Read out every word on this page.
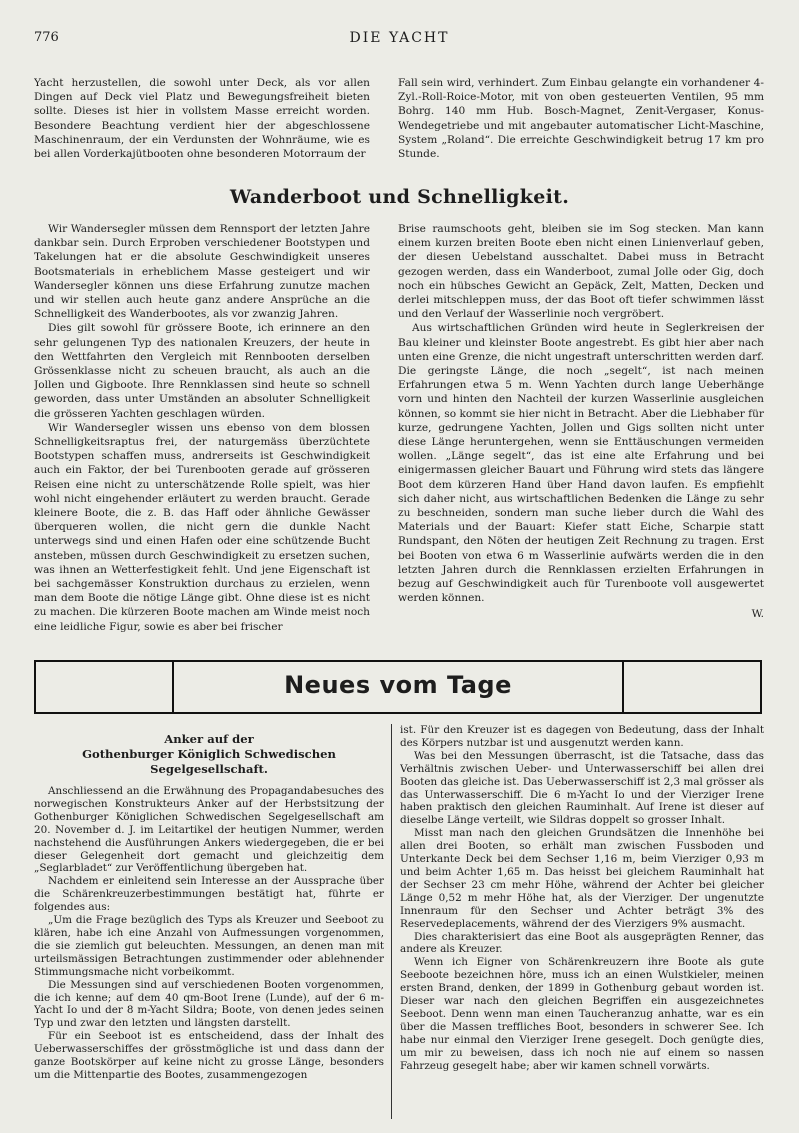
776	DIE YACHT

Yacht herzustellen, die sowohl unter Deck, als vor allen Dingen auf Deck viel Platz und Bewegungsfreiheit bieten sollte. Dieses ist hier in vollstem Masse erreicht worden. Besondere Beachtung verdient hier der abgeschlossene Maschinenraum, der ein Verdunsten der Wohnräume, wie es bei allen Vorderkajütbooten ohne besonderen Motorraum der

Fall sein wird, verhindert. Zum Einbau gelangte ein vorhandener 4-Zyl.-Roll-Roice-Motor, mit von oben gesteuerten Ventilen, 95 mm Bohrg. 140 mm Hub. Bosch-Magnet, Zenit-Vergaser, Konus-Wendegetriebe und mit angebauter automatischer Licht-Maschine, System „Roland“. Die erreichte Geschwindigkeit betrug 17 km pro Stunde.

Wanderboot und Schnelligkeit.

Wir Wandersegler müssen dem Rennsport der letzten Jahre dankbar sein. Durch Erproben verschiedener Bootstypen und Takelungen hat er die absolute Geschwindigkeit unseres Bootsmaterials in erheblichem Masse gesteigert und wir Wandersegler können uns diese Erfahrung zunutze machen und wir stellen auch heute ganz andere Ansprüche an die Schnelligkeit des Wanderbootes, als vor zwanzig Jahren.

Dies gilt sowohl für grössere Boote, ich erinnere an den sehr gelungenen Typ des nationalen Kreuzers, der heute in den Wettfahrten den Vergleich mit Rennbooten derselben Grössenklasse nicht zu scheuen braucht, als auch an die Jollen und Gigboote. Ihre Rennklassen sind heute so schnell geworden, dass unter Umständen an absoluter Schnelligkeit die grösseren Yachten geschlagen würden.

Wir Wandersegler wissen uns ebenso von dem blossen Schnelligkeitsraptus frei, der naturgemäss überzüchtete Bootstypen schaffen muss, andrerseits ist Geschwindigkeit auch ein Faktor, der bei Turenbooten gerade auf grösseren Reisen eine nicht zu unterschätzende Rolle spielt, was hier wohl nicht eingehender erläutert zu werden braucht. Gerade kleinere Boote, die z. B. das Haff oder ähnliche Gewässer überqueren wollen, die nicht gern die dunkle Nacht unterwegs sind und einen Hafen oder eine schützende Bucht ansteben, müssen durch Geschwindigkeit zu ersetzen suchen, was ihnen an Wetterfestigkeit fehlt. Und jene Eigenschaft ist bei sachgemässer Konstruktion durchaus zu erzielen, wenn man dem Boote die nötige Länge gibt. Ohne diese ist es nicht zu machen. Die kürzeren Boote machen am Winde meist noch eine leidliche Figur, sowie es aber bei frischer

Brise raumschoots geht, bleiben sie im Sog stecken. Man kann einem kurzen breiten Boote eben nicht einen Linienverlauf geben, der diesen Uebelstand ausschaltet. Dabei muss in Betracht gezogen werden, dass ein Wanderboot, zumal Jolle oder Gig, doch noch ein hübsches Gewicht an Gepäck, Zelt, Matten, Decken und derlei mitschleppen muss, der das Boot oft tiefer schwimmen lässt und den Verlauf der Wasserlinie noch vergröbert.

Aus wirtschaftlichen Gründen wird heute in Seglerkreisen der Bau kleiner und kleinster Boote angestrebt. Es gibt hier aber nach unten eine Grenze, die nicht ungestraft unterschritten werden darf. Die geringste Länge, die noch „segelt“, ist nach meinen Erfahrungen etwa 5 m. Wenn Yachten durch lange Ueberhänge vorn und hinten den Nachteil der kurzen Wasserlinie ausgleichen können, so kommt sie hier nicht in Betracht. Aber die Liebhaber für kurze, gedrungene Yachten, Jollen und Gigs sollten nicht unter diese Länge heruntergehen, wenn sie Enttäuschungen vermeiden wollen. „Länge segelt“, das ist eine alte Erfahrung und bei einigermassen gleicher Bauart und Führung wird stets das längere Boot dem kürzeren Hand über Hand davon laufen. Es empfiehlt sich daher nicht, aus wirtschaftlichen Bedenken die Länge zu sehr zu beschneiden, sondern man suche lieber durch die Wahl des Materials und der Bauart: Kiefer statt Eiche, Scharpie statt Rundspant, den Nöten der heutigen Zeit Rechnung zu tragen. Erst bei Booten von etwa 6 m Wasserlinie aufwärts werden die in den letzten Jahren durch die Rennklassen erzielten Erfahrungen in bezug auf Geschwindigkeit auch für Turenboote voll ausgewertet werden können.

W.

Neues vom Tage
Anker auf der
Gothenburger Königlich Schwedischen Segelgesellschaft.

Anschliessend an die Erwähnung des Propagandabesuches des norwegischen Konstrukteurs Anker auf der Herbstsitzung der Gothenburger Königlichen Schwedischen Segelgesellschaft am 20. November d. J. im Leitartikel der heutigen Nummer, werden nachstehend die Ausführungen Ankers wiedergegeben, die er bei dieser Gelegenheit dort gemacht und gleichzeitig dem „Seglarbladet“ zur Veröffentlichung übergeben hat.

Nachdem er einleitend sein Interesse an der Aussprache über die Schärenkreuzerbestimmungen bestätigt hat, führte er folgendes aus:

„Um die Frage bezüglich des Typs als Kreuzer und Seeboot zu klären, habe ich eine Anzahl von Aufmessungen vorgenommen, die sie ziemlich gut beleuchten. Messungen, an denen man mit urteilsmässigen Betrachtungen zustimmender oder ablehnender Stimmungsmache nicht vorbeikommt.

Die Messungen sind auf verschiedenen Booten vorgenommen, die ich kenne; auf dem 40 qm-Boot Irene (Lunde), auf der 6 m-Yacht Io und der 8 m-Yacht Sildra; Boote, von denen jedes seinen Typ und zwar den letzten und längsten darstellt.

Für ein Seeboot ist es entscheidend, dass der Inhalt des Ueberwasserschiffes der grösstmögliche ist und dass dann der ganze Bootskörper auf keine nicht zu grosse Länge, besonders um die Mittenpartie des Bootes, zusammengezogen

ist. Für den Kreuzer ist es dagegen von Bedeutung, dass der Inhalt des Körpers nutzbar ist und ausgenutzt werden kann.

Was bei den Messungen überrascht, ist die Tatsache, dass das Verhältnis zwischen Ueber- und Unterwasserschiff bei allen drei Booten das gleiche ist. Das Ueberwasserschiff ist 2,3 mal grösser als das Unterwasserschiff. Die 6 m-Yacht Io und der Vierziger Irene haben praktisch den gleichen Rauminhalt. Auf Irene ist dieser auf dieselbe Länge verteilt, wie Sildras doppelt so grosser Inhalt.

Misst man nach den gleichen Grundsätzen die Innenhöhe bei allen drei Booten, so erhält man zwischen Fussboden und Unterkante Deck bei dem Sechser 1,16 m, beim Vierziger 0,93 m und beim Achter 1,65 m. Das heisst bei gleichem Rauminhalt hat der Sechser 23 cm mehr Höhe, während der Achter bei gleicher Länge 0,52 m mehr Höhe hat, als der Vierziger. Der ungenutzte Innenraum für den Sechser und Achter beträgt 3% des Reservedeplacements, während der des Vierzigers 9% ausmacht.

Dies charakterisiert das eine Boot als ausgeprägten Renner, das andere als Kreuzer.

Wenn ich Eigner von Schärenkreuzern ihre Boote als gute Seeboote bezeichnen höre, muss ich an einen Wulstkieler, meinen ersten Brand, denken, der 1899 in Gothenburg gebaut worden ist. Dieser war nach den gleichen Begriffen ein ausgezeichnetes Seeboot. Denn wenn man einen Taucheranzug anhatte, war es ein über die Massen treffliches Boot, besonders in schwerer See. Ich habe nur einmal den Vierziger Irene gesegelt. Doch genügte dies, um mir zu beweisen, dass ich noch nie auf einem so nassen Fahrzeug gesegelt habe; aber wir kamen schnell vorwärts.
